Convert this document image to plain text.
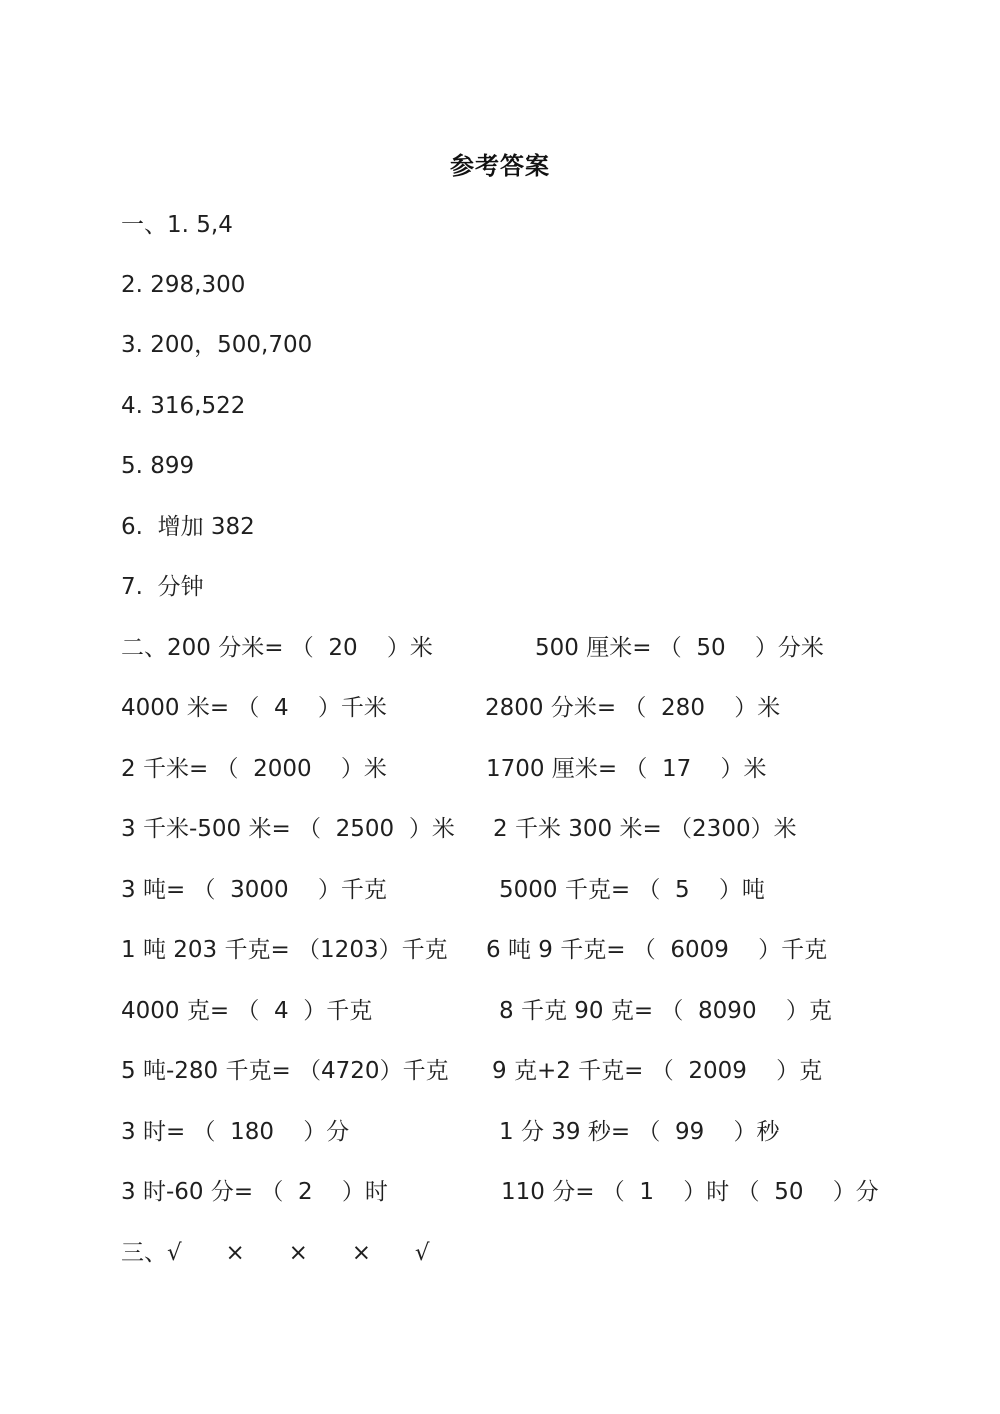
参考答案
一、1. 5,4
2. 298,300
3. 200，500,700
4. 316,522
5. 899
6.  增加 382
7.  分钟
二、200 分米= （  20    ）米	500 厘米= （  50    ）分米
4000 米= （  4    ）千米	2800 分米= （  280    ）米
2 千米= （  2000    ）米	1700 厘米= （  17    ）米
3 千米-500 米= （  2500  ）米 2 千米 300 米= （2300）米
3 吨= （  3000    ）千克	5000 千克= （  5    ）吨
1 吨 203 千克= （1203）千克 6 吨 9 千克= （  6009    ）千克
4000 克= （  4  ）千克	8 千克 90 克= （  8090    ）克
5 吨-280 千克= （4720）千克 9 克+2 千克= （  2009    ）克
3 时= （  180    ）分	1 分 39 秒= （  99    ）秒
3 时-60 分= （  2    ）时	110 分= （  1    ）时 （  50    ）分
三、√      ×      ×      ×      √
